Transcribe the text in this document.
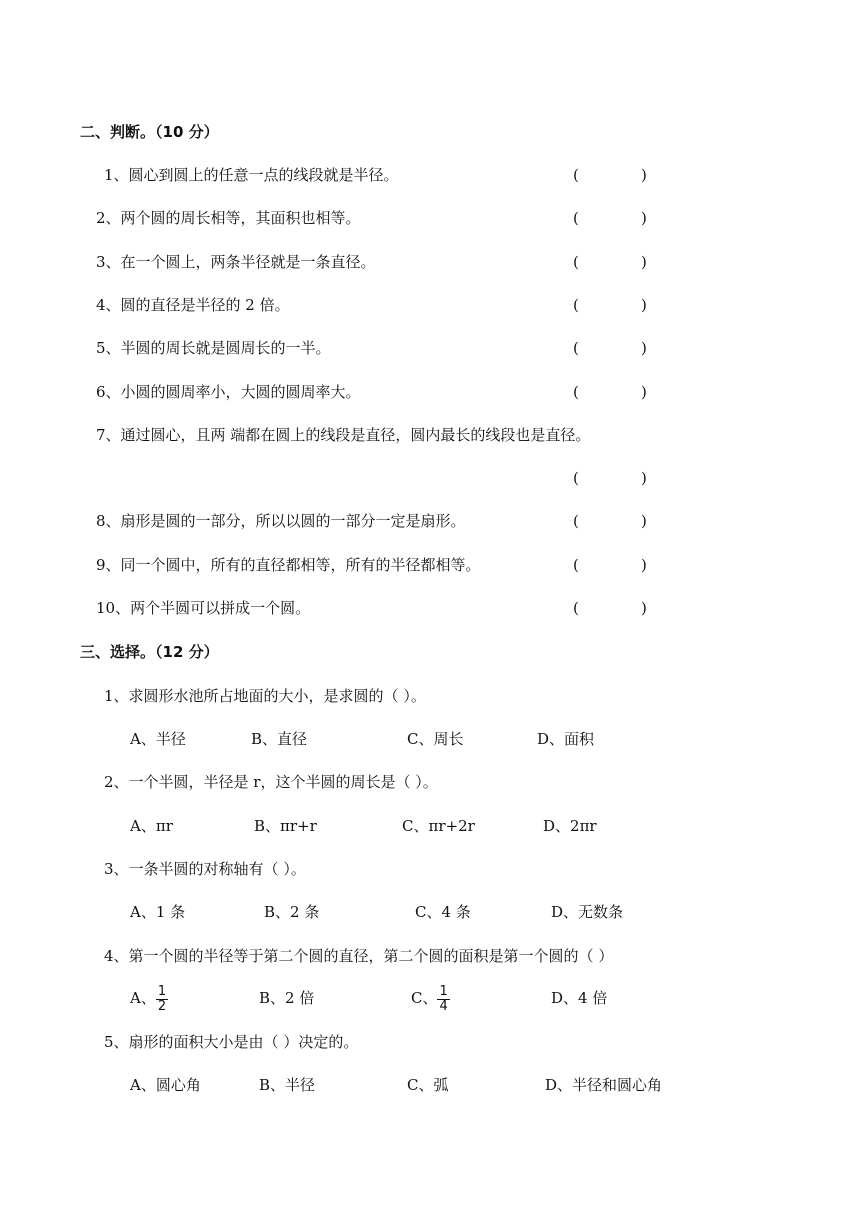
二、判断。（10 分）
1、圆心到圆上的任意一点的线段就是半径。	(	)
2、两个圆的周长相等，其面积也相等。	(	)
3、在一个圆上，两条半径就是一条直径。	(	)
4、圆的直径是半径的 2 倍。	(	)
5、半圆的周长就是圆周长的一半。	(	)
6、小圆的圆周率小，大圆的圆周率大。	(	)
7、通过圆心，且两 端都在圆上的线段是直径，圆内最长的线段也是直径。
(	)
8、扇形是圆的一部分，所以以圆的一部分一定是扇形。	(	)
9、同一个圆中，所有的直径都相等，所有的半径都相等。	(	)
10、两个半圆可以拼成一个圆。	(	)
三、选择。（12 分）
1、求圆形水池所占地面的大小，是求圆的（ ）。
A、半径	B、直径	C、周长	D、面积
2、一个半圆，半径是 r，这个半圆的周长是（ ）。
A、πr	B、πr+r	C、πr+2r	D、2πr
3、一条半圆的对称轴有（ ）。
A、1 条	B、2 条	C、4 条	D、无数条
4、第一个圆的半径等于第二个圆的直径，第二个圆的面积是第一个圆的（ ）
A、 $\frac{1}{2}$	B、2 倍	C、 $\frac{1}{4}$	D、4 倍
5、扇形的面积大小是由（ ）决定的。
A、圆心角	B、半径	C、弧	D、半径和圆心角
